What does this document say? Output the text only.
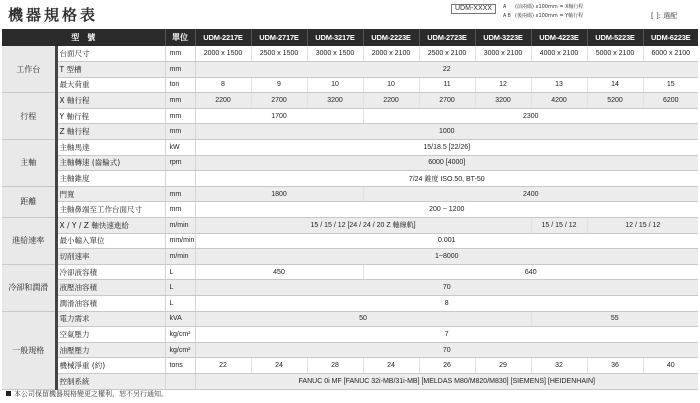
機器規格表	UDM-XXXX	A
A B
(前兩碼) x100mm = X軸行程
(後兩碼) x100mm = Y軸行程	[ ]: 選配
型　號		單位	UDM-2217E	UDM-2717E	UDM-3217E	UDM-2223E	UDM-2723E	UDM-3223E	UDM-4223E	UDM-5223E	UDM-6223E
工作台	台面尺寸	mm	2000 x 1500	2500 x 1500	3000 x 1500	2000 x 2100	2500 x 2100	3000 x 2100	4000 x 2100	5000 x 2100	6000 x 2100
	T 型槽	mm	22								
	最大荷重	ton	8	9	10	10	11	12	13	14	15
行程	X 軸行程	mm	2200	2700	3200	2200	2700	3200	4200	5200	6200
	Y 軸行程	mm	1700			2300					
	Z 軸行程	mm	1000								
主軸	主軸馬達	kW	15/18.5 [22/26]								
	主軸轉速 (齒輪式)	rpm	6000 [4000]								
	主軸錐度		7/24 錐度 ISO.50, BT-50								
距離	門寬	mm	1800			2400					
	主軸鼻端至工作台面尺寸	mm	200 ~ 1200								
進給速率	X / Y / Z 軸快速進給	m/min	15 / 15 / 12 [24 / 24 / 20 Z 軸線軌]						15 / 15 / 12	12 / 15 / 12	
	最小輸入單位	mm/min	0.001								
	切削速率	m/min	1~8000								
冷卻和潤滑	冷卻液容積	L	450			640					
	液壓油容積	L	70								
	潤滑油容積	L	8								
一般規格	電力需求	kVA	50						55		
	空氣壓力	kg/cm²	7								
	油壓壓力	kg/cm²	70								
	機械淨重 (約)	tons	22	24	28	24	26	29	32	36	40
	控制系統		FANUC 0i MF [FANUC 32i-MB/31i-MB] [MELDAS M80/M820/M830] [SIEMENS] [HEIDENHAIN]								
本公司保留機器規格變更之權利，恕不另行通知。
